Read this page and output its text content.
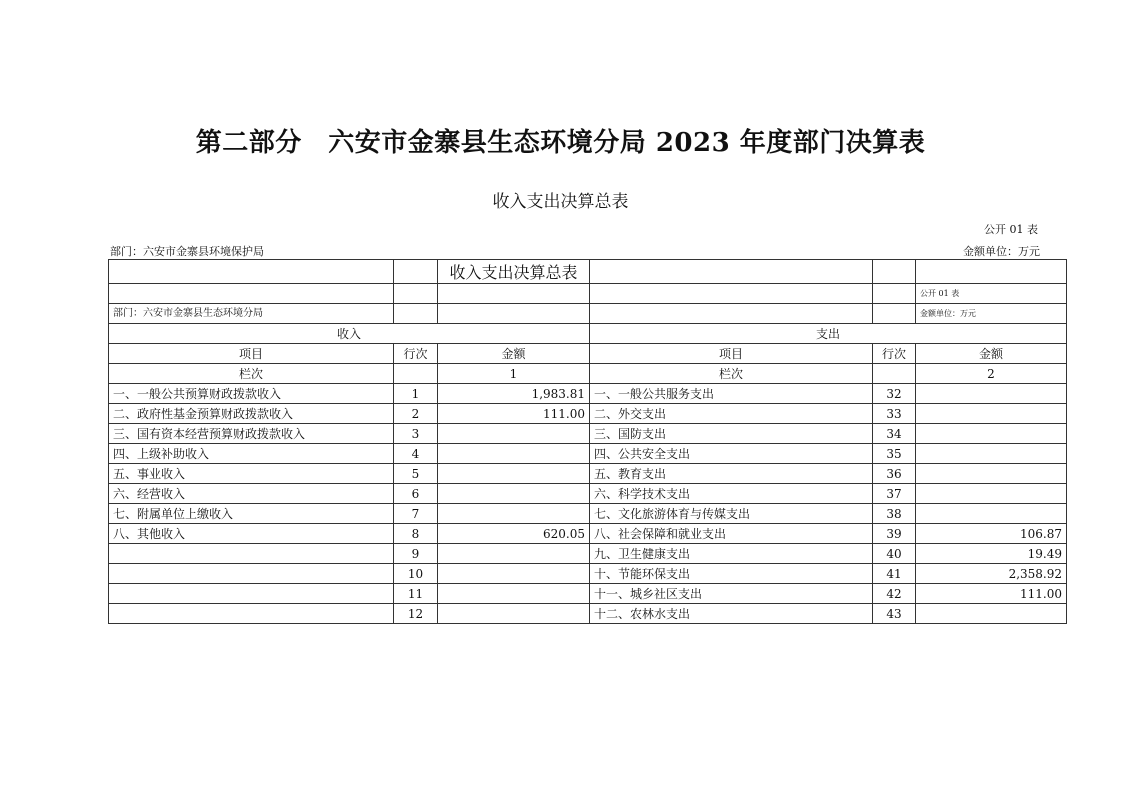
第二部分　六安市金寨县生态环境分局 2023 年度部门决算表
收入支出决算总表
公开 01 表
部门：六安市金寨县环境保护局	金额单位：万元
		收入支出决算总表			
					公开 01 表
部门：六安市金寨县生态环境分局					金额单位：万元
收入			支出		
项目	行次	金额	项目	行次	金额
栏次		1	栏次		2
一、一般公共预算财政拨款收入	1	1,983.81	一、一般公共服务支出	32	
二、政府性基金预算财政拨款收入	2	111.00	二、外交支出	33	
三、国有资本经营预算财政拨款收入	3		三、国防支出	34	
四、上级补助收入	4		四、公共安全支出	35	
五、事业收入	5		五、教育支出	36	
六、经营收入	6		六、科学技术支出	37	
七、附属单位上缴收入	7		七、文化旅游体育与传媒支出	38	
八、其他收入	8	620.05	八、社会保障和就业支出	39	106.87
	9		九、卫生健康支出	40	19.49
	10		十、节能环保支出	41	2,358.92
	11		十一、城乡社区支出	42	111.00
	12		十二、农林水支出	43	
